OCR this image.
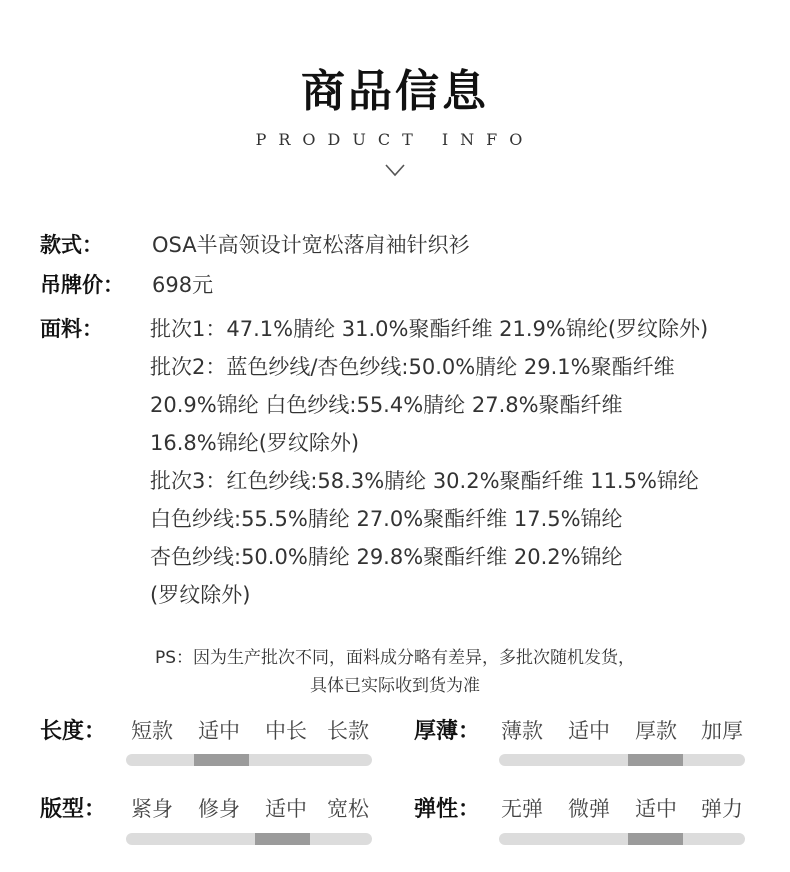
商品信息
PRODUCT INFO
款式： OSA半高领设计宽松落肩袖针织衫
吊牌价： 698元
面料： 批次1：47.1%腈纶 31.0%聚酯纤维 21.9%锦纶(罗纹除外)
批次2：蓝色纱线/杏色纱线:50.0%腈纶 29.1%聚酯纤维
20.9%锦纶 白色纱线:55.4%腈纶 27.8%聚酯纤维
16.8%锦纶(罗纹除外)
批次3：红色纱线:58.3%腈纶 30.2%聚酯纤维 11.5%锦纶
白色纱线:55.5%腈纶 27.0%聚酯纤维 17.5%锦纶
杏色纱线:50.0%腈纶 29.8%聚酯纤维 20.2%锦纶
(罗纹除外)
PS：因为生产批次不同，面料成分略有差异，多批次随机发货，
具体已实际收到货为准
长度：	短款	适中	中长 长款	厚薄： 薄款	适中	厚款	加厚
版型：	紧身	修身	适中 宽松	弹性： 无弹	微弹	适中	弹力
